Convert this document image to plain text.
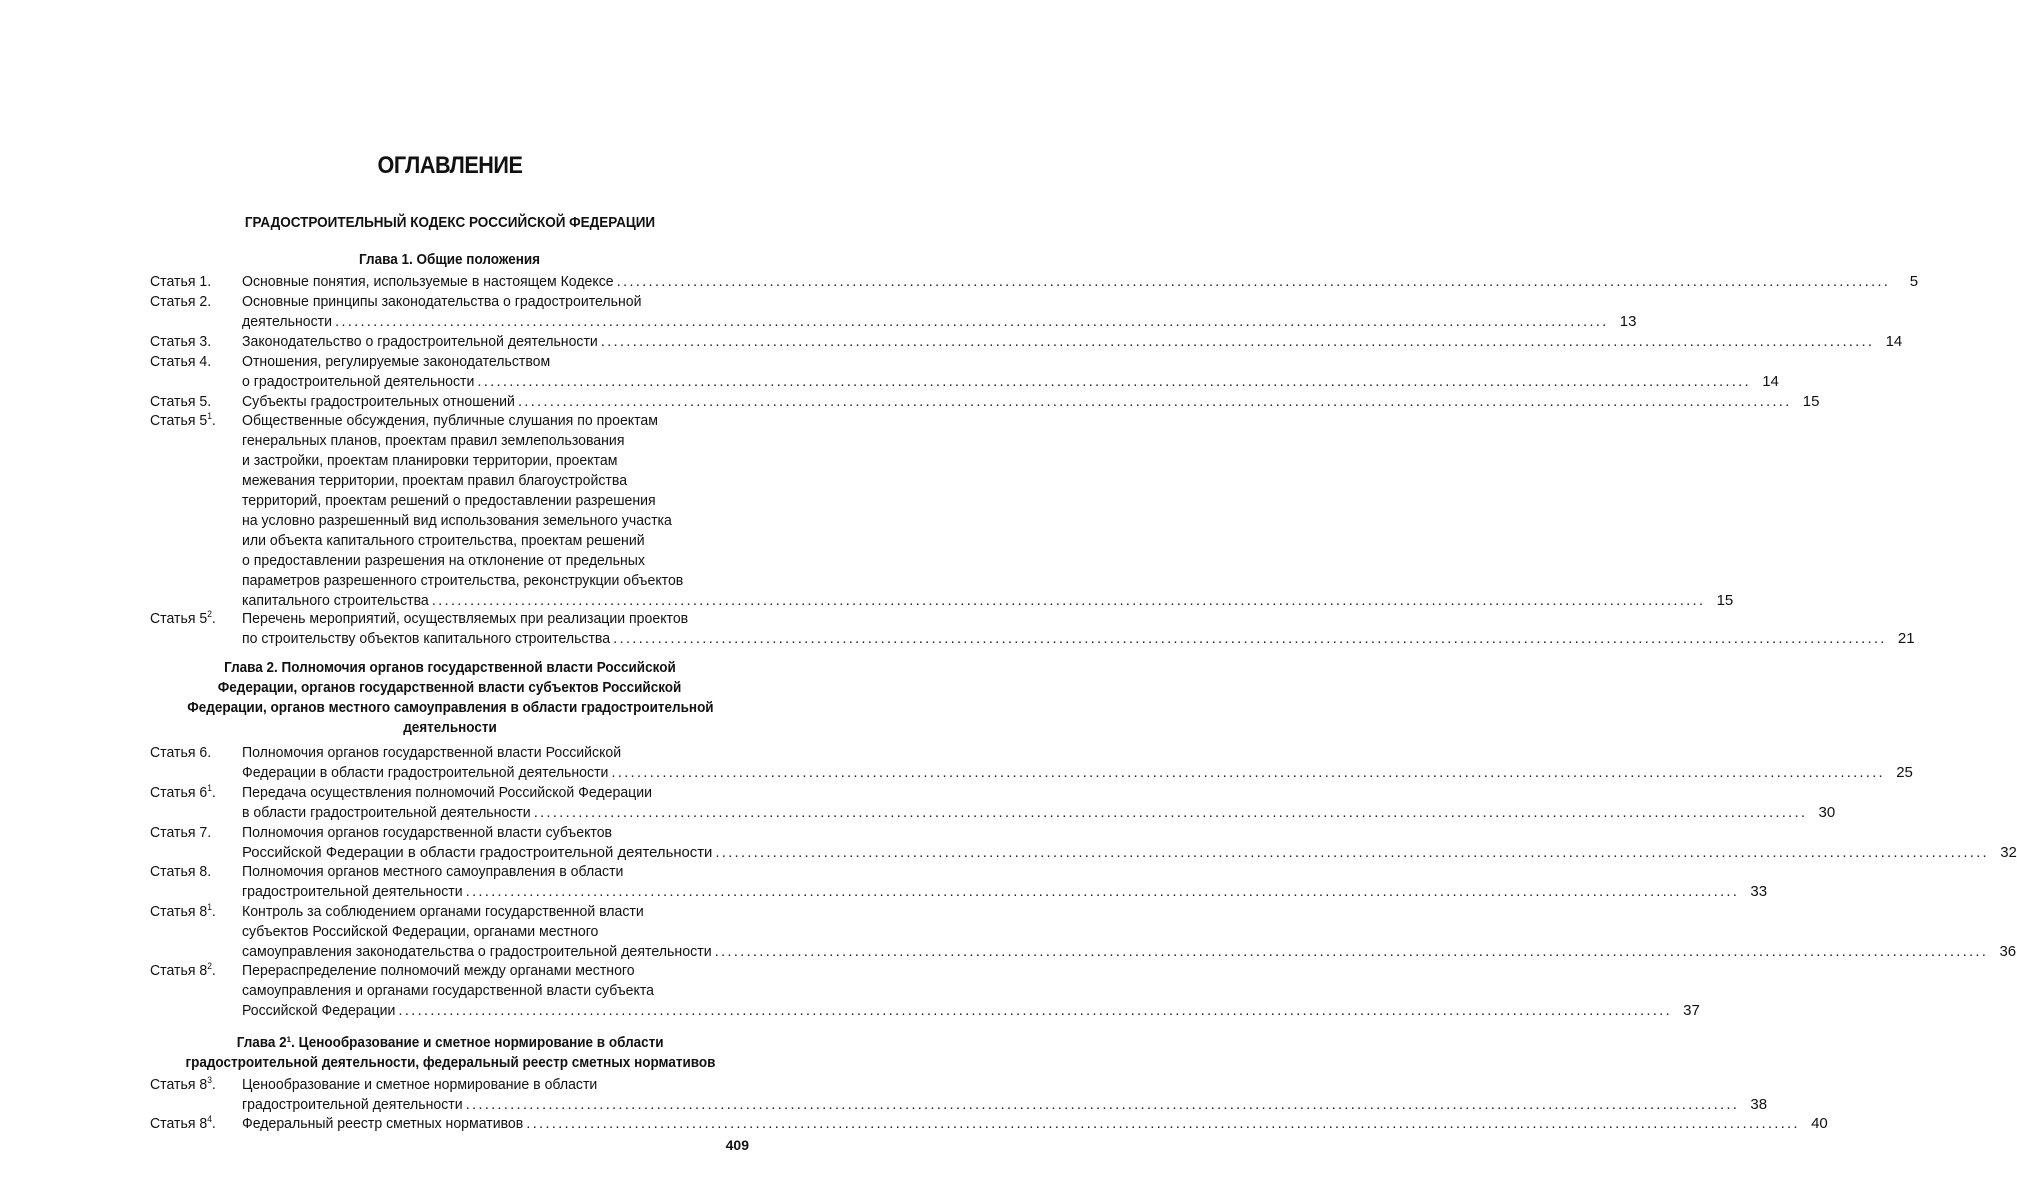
ОГЛАВЛЕНИЕ
ГРАДОСТРОИТЕЛЬНЫЙ КОДЕКС РОССИЙСКОЙ ФЕДЕРАЦИИ
Глава 1. Общие положения
Глава 2. Полномочия органов государственной власти Российской
Федерации, органов государственной власти субъектов Российской
Федерации, органов местного самоуправления в области градостроительной
деятельности
Глава 2¹. Ценообразование и сметное нормирование в области
градостроительной деятельности, федеральный реестр сметных нормативов
Статья 1.	Основные понятия, используемые в настоящем Кодексе ........................................................................................................................................................................................................	5
Статья 2.	Основные принципы законодательства о градостроительной
деятельности ........................................................................................................................................................................................................ 13
Статья 3.	Законодательство о градостроительной деятельности ........................................................................................................................................................................................................ 14
Статья 4.	Отношения, регулируемые законодательством
о градостроительной деятельности ........................................................................................................................................................................................................ 14
Статья 5.	Субъекты градостроительных отношений ........................................................................................................................................................................................................ 15
Статья $5^1$.	Общественные обсуждения, публичные слушания по проектам
генеральных планов, проектам правил землепользования
и застройки, проектам планировки территории, проектам
межевания территории, проектам правил благоустройства
территорий, проектам решений о предоставлении разрешения
на условно разрешенный вид использования земельного участка
или объекта капитального строительства, проектам решений
о предоставлении разрешения на отклонение от предельных
параметров разрешенного строительства, реконструкции объектов
капитального строительства ........................................................................................................................................................................................................ 15
Статья $5^2$.	Перечень мероприятий, осуществляемых при реализации проектов
по строительству объектов капитального строительства ........................................................................................................................................................................................................ 21
Статья 6.	Полномочия органов государственной власти Российской
Федерации в области градостроительной деятельности ........................................................................................................................................................................................................ 25
Статья $6^1$.	Передача осуществления полномочий Российской Федерации
в области градостроительной деятельности ........................................................................................................................................................................................................ 30
Статья 7.	Полномочия органов государственной власти субъектов
Российской Федерации в области градостроительной деятельности ........................................................................................................................................................................................................ 32
Статья 8.	Полномочия органов местного самоуправления в области
градостроительной деятельности ........................................................................................................................................................................................................ 33
Статья $8^1$.	Контроль за соблюдением органами государственной власти
субъектов Российской Федерации, органами местного
самоуправления законодательства о градостроительной деятельности ........................................................................................................................................................................................................ 36
Статья $8^2$.	Перераспределение полномочий между органами местного
самоуправления и органами государственной власти субъекта
Российской Федерации ........................................................................................................................................................................................................ 37
Статья $8^3$.	Ценообразование и сметное нормирование в области
градостроительной деятельности ........................................................................................................................................................................................................ 38
Статья $8^4$.	Федеральный реестр сметных нормативов ........................................................................................................................................................................................................ 40
409
